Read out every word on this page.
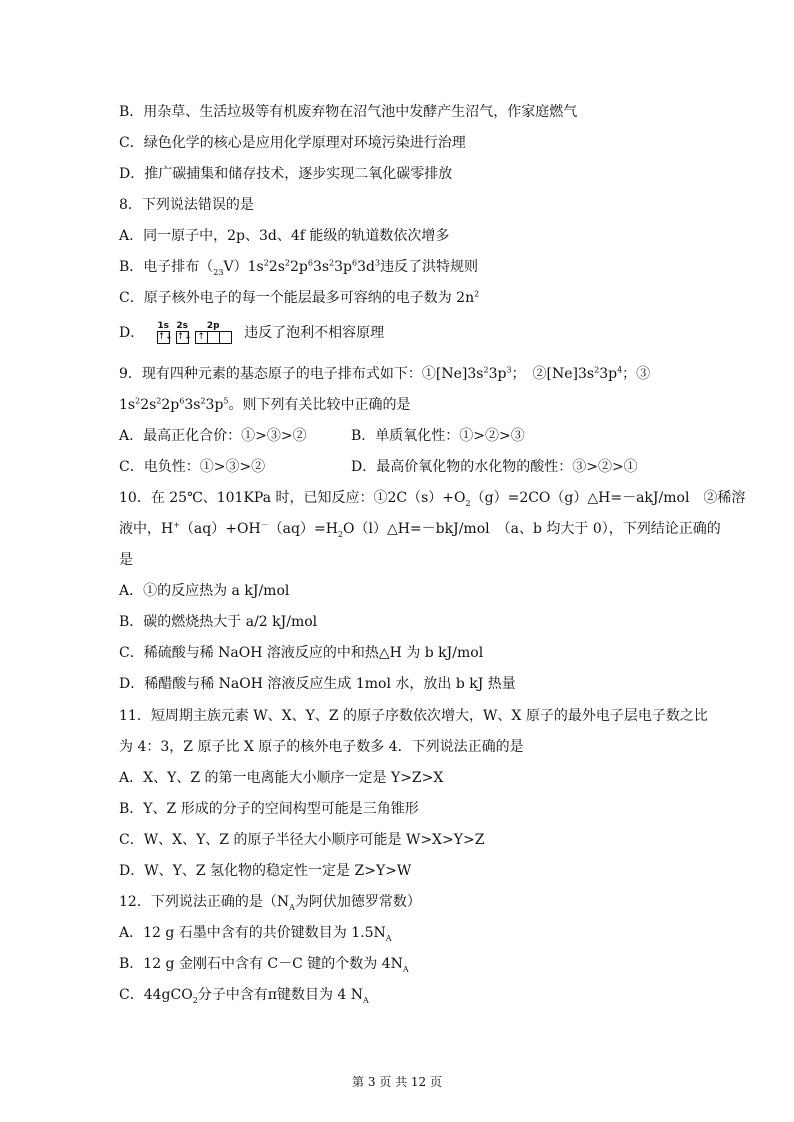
B．用杂草、生活垃圾等有机废弃物在沼气池中发酵产生沼气，作家庭燃气
C．绿色化学的核心是应用化学原理对环境污染进行治理
D．推广碳捕集和储存技术，逐步实现二氧化碳零排放
8．下列说法错误的是
A．同一原子中，2p、3d、4f 能级的轨道数依次增多
B．电子排布$(_{23}V)1s^22s^22p^63s^23p^63d^3$违反了洪特规则
C．原子核外电子的每一个能层最多可容纳的电子数为 $2n^2$
D． 1s
↑↓
2s
↑↓
2p
↑	违反了泡利不相容原理
9．现有四种元素的基态原子的电子排布式如下：$①[Ne]3s^23p^3$；　$②[Ne]3s^23p^4$；③
$1s^22s^22p^63s^23p^5$。则下列有关比较中正确的是
A．最高正化合价：①>③>②	B．单质氧化性：①>②>③
C．电负性：①>③>②	D．最高价氧化物的水化物的酸性：③>②>①
10．在 25℃、101KPa 时，已知反应：$①2C(s)+O_2(g)=2CO(g)\triangle H=-akJ$/mol　②稀溶
液中，$H^+(aq)+OH^-(aq)=H_2O(l)\triangle H=-bkJ$/mol　（a、b 均大于 0），下列结论正确的
是
A．①的反应热为 a kJ/mol
B．碳的燃烧热大于 a/2 kJ/mol
C．稀硫酸与稀 NaOH 溶液反应的中和热△H 为 b kJ/mol
D．稀醋酸与稀 NaOH 溶液反应生成 1mol 水，放出 b kJ 热量
11．短周期主族元素 W、X、Y、Z 的原子序数依次增大，W、X 原子的最外电子层电子数之比
为 4：3，Z 原子比 X 原子的核外电子数多 4．下列说法正确的是
A．X、Y、Z 的第一电离能大小顺序一定是 Y>Z>X
B．Y、Z 形成的分子的空间构型可能是三角锥形
C．W、X、Y、Z 的原子半径大小顺序可能是 W>X>Y>Z
D．W、Y、Z 氢化物的稳定性一定是 Z>Y>W
12．下列说法正确的是（$N_A$为阿伏加德罗常数）
A．12 g 石墨中含有的共价键数目为 $1.5N_A$
B．12 g 金刚石中含有 C－C 键的个数为 $4N_A$
C．44gCO$_2$分子中含有π键数目为 4 $N_A$
第 3 页 共 12 页
